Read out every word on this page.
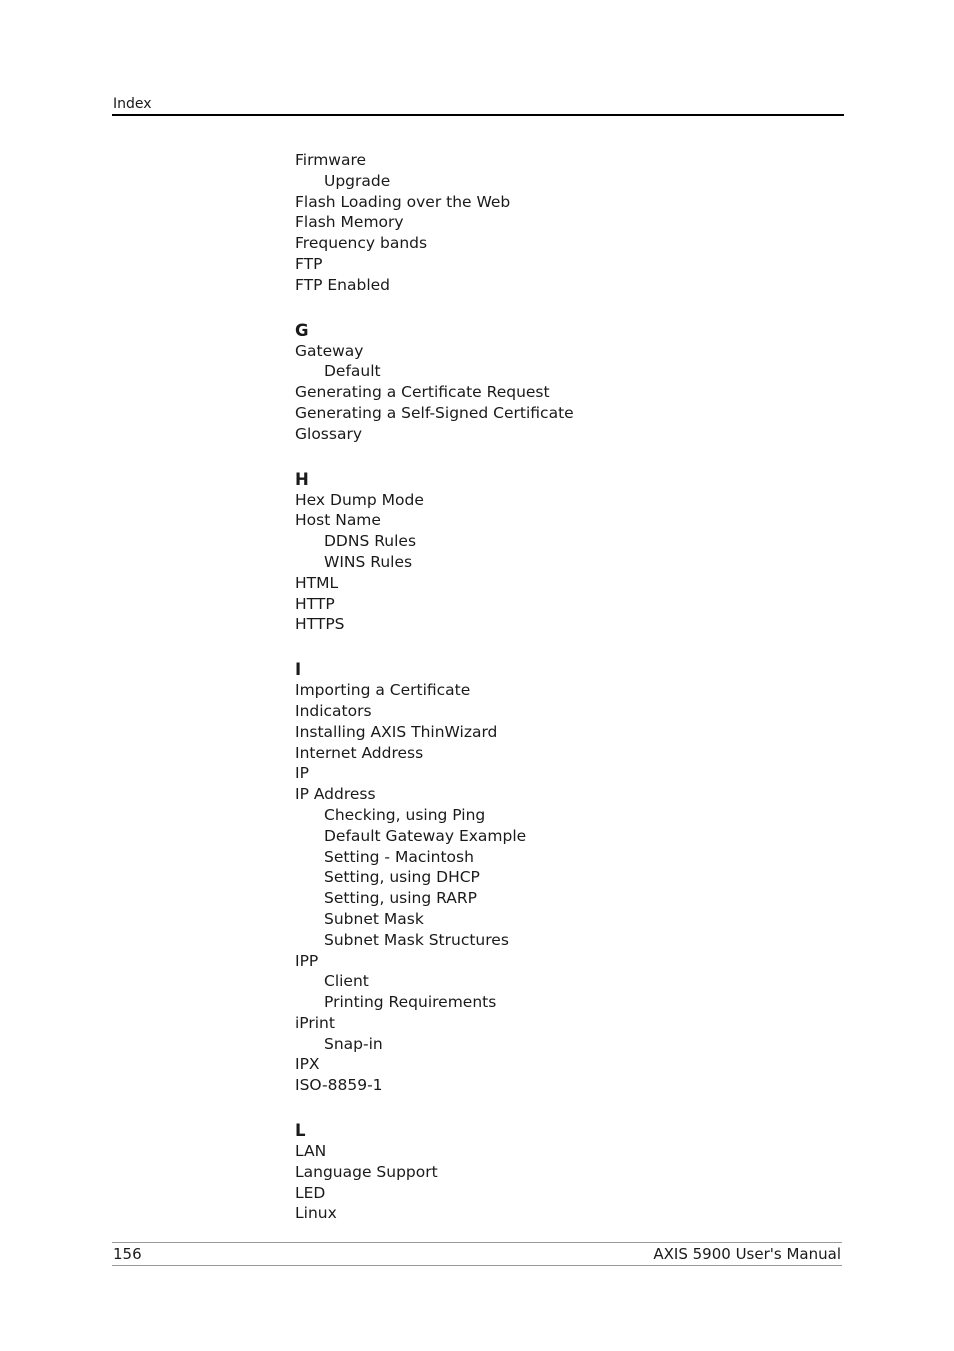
Index
Firmware
Upgrade
Flash Loading over the Web
Flash Memory
Frequency bands
FTP
FTP Enabled
G
Gateway
Default
Generating a Certificate Request
Generating a Self-Signed Certificate
Glossary
H
Hex Dump Mode
Host Name
DDNS Rules
WINS Rules
HTML
HTTP
HTTPS
I
Importing a Certificate
Indicators
Installing AXIS ThinWizard
Internet Address
IP
IP Address
Checking, using Ping
Default Gateway Example
Setting - Macintosh
Setting, using DHCP
Setting, using RARP
Subnet Mask
Subnet Mask Structures
IPP
Client
Printing Requirements
iPrint
Snap-in
IPX
ISO-8859-1
L
LAN
Language Support
LED
Linux
156	AXIS 5900 User's Manual
